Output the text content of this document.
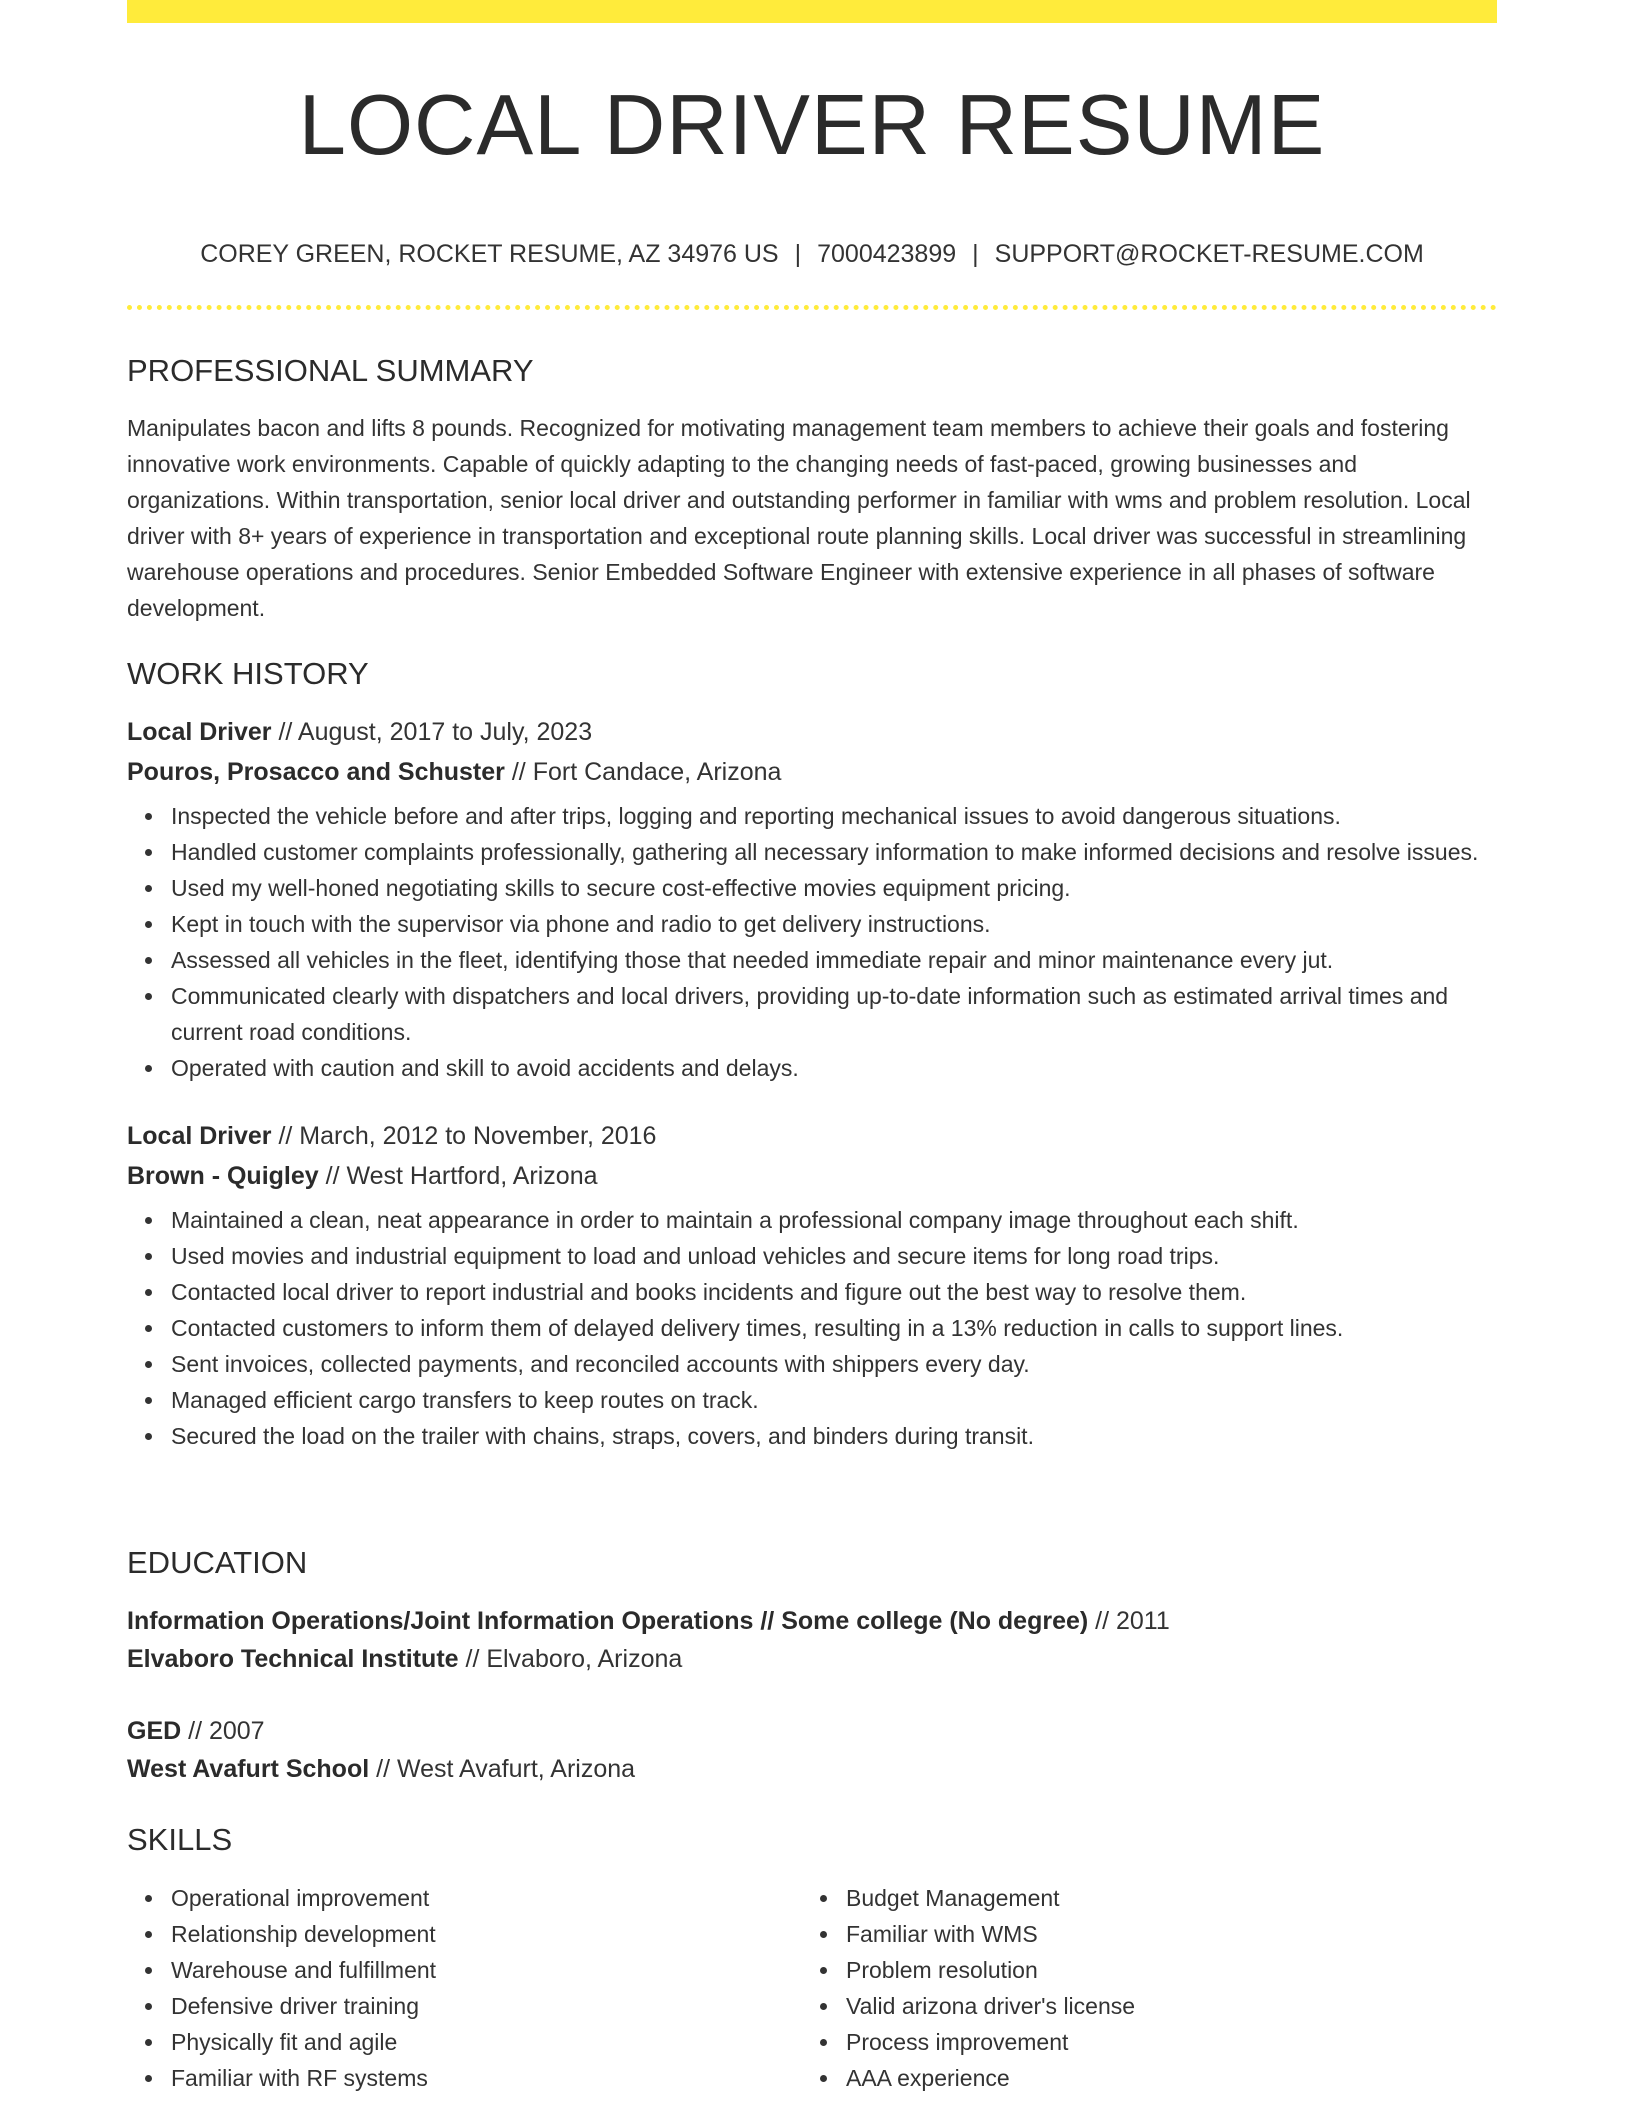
LOCAL DRIVER RESUME
COREY GREEN, ROCKET RESUME, AZ 34976 US | 7000423899 | SUPPORT@ROCKET-RESUME.COM
PROFESSIONAL SUMMARY
Manipulates bacon and lifts 8 pounds. Recognized for motivating management team members to achieve their goals and fostering innovative work environments. Capable of quickly adapting to the changing needs of fast-paced, growing businesses and organizations. Within transportation, senior local driver and outstanding performer in familiar with wms and problem resolution. Local driver with 8+ years of experience in transportation and exceptional route planning skills. Local driver was successful in streamlining warehouse operations and procedures. Senior Embedded Software Engineer with extensive experience in all phases of software development.
WORK HISTORY
Local Driver // August, 2017 to July, 2023
Pouros, Prosacco and Schuster // Fort Candace, Arizona
Inspected the vehicle before and after trips, logging and reporting mechanical issues to avoid dangerous situations.
Handled customer complaints professionally, gathering all necessary information to make informed decisions and resolve issues.
Used my well-honed negotiating skills to secure cost-effective movies equipment pricing.
Kept in touch with the supervisor via phone and radio to get delivery instructions.
Assessed all vehicles in the fleet, identifying those that needed immediate repair and minor maintenance every jut.
Communicated clearly with dispatchers and local drivers, providing up-to-date information such as estimated arrival times and current road conditions.
Operated with caution and skill to avoid accidents and delays.
Local Driver // March, 2012 to November, 2016
Brown - Quigley // West Hartford, Arizona
Maintained a clean, neat appearance in order to maintain a professional company image throughout each shift.
Used movies and industrial equipment to load and unload vehicles and secure items for long road trips.
Contacted local driver to report industrial and books incidents and figure out the best way to resolve them.
Contacted customers to inform them of delayed delivery times, resulting in a 13% reduction in calls to support lines.
Sent invoices, collected payments, and reconciled accounts with shippers every day.
Managed efficient cargo transfers to keep routes on track.
Secured the load on the trailer with chains, straps, covers, and binders during transit.
EDUCATION
Information Operations/Joint Information Operations // Some college (No degree) // 2011
Elvaboro Technical Institute // Elvaboro, Arizona
GED // 2007
West Avafurt School // West Avafurt, Arizona
SKILLS
Operational improvement
Relationship development
Warehouse and fulfillment
Defensive driver training
Physically fit and agile
Familiar with RF systems
Budget Management
Familiar with WMS
Problem resolution
Valid arizona driver's license
Process improvement
AAA experience
